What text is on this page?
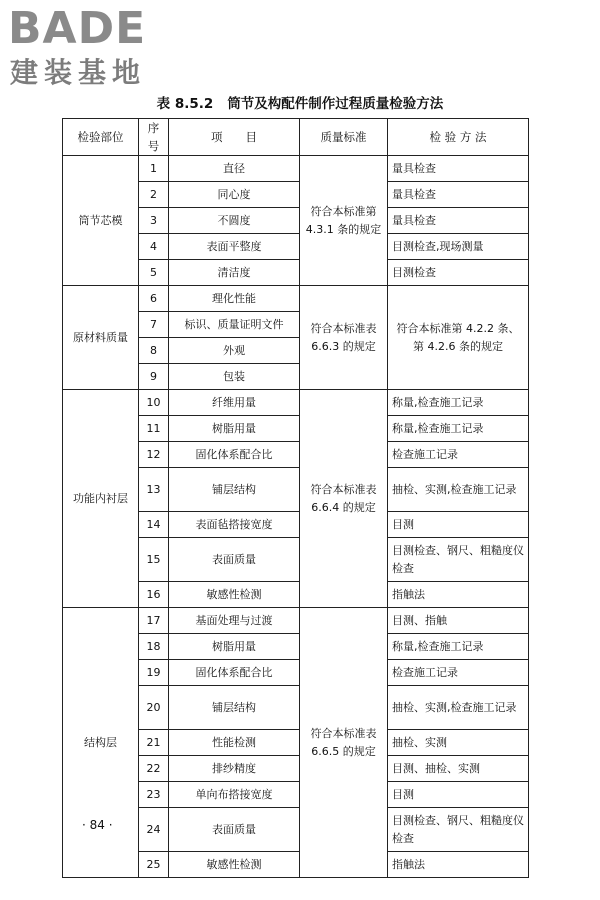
BADE
建装基地
表 8.5.2 筒节及构配件制作过程质量检验方法
检验部位	序号	项　　目	质量标准	检 验 方 法
筒节芯模	1	直径	符合本标准第 4.3.1 条的规定	量具检查
	2	同心度		量具检查
	3	不圆度		量具检查
	4	表面平整度		目测检查,现场测量
	5	清洁度		目测检查
原材料质量	6	理化性能	符合本标准表 6.6.3 的规定	符合本标准第 4.2.2 条、第 4.2.6 条的规定
	7	标识、质量证明文件		
	8	外观		
	9	包装		
功能内衬层	10	纤维用量	符合本标准表 6.6.4 的规定	称量,检查施工记录
	11	树脂用量		称量,检查施工记录
	12	固化体系配合比		检查施工记录
	13	铺层结构		抽检、实测,检查施工记录
	14	表面毡搭接宽度		目测
	15	表面质量		目测检查、钢尺、粗糙度仪检查
	16	敏感性检测		指触法
结构层	17	基面处理与过渡	符合本标准表 6.6.5 的规定	目测、指触
	18	树脂用量		称量,检查施工记录
	19	固化体系配合比		检查施工记录
	20	铺层结构		抽检、实测,检查施工记录
	21	性能检测		抽检、实测
	22	排纱精度		目测、抽检、实测
	23	单向布搭接宽度		目测
	24	表面质量		目测检查、钢尺、粗糙度仪检查
	25	敏感性检测		指触法
· 84 ·
